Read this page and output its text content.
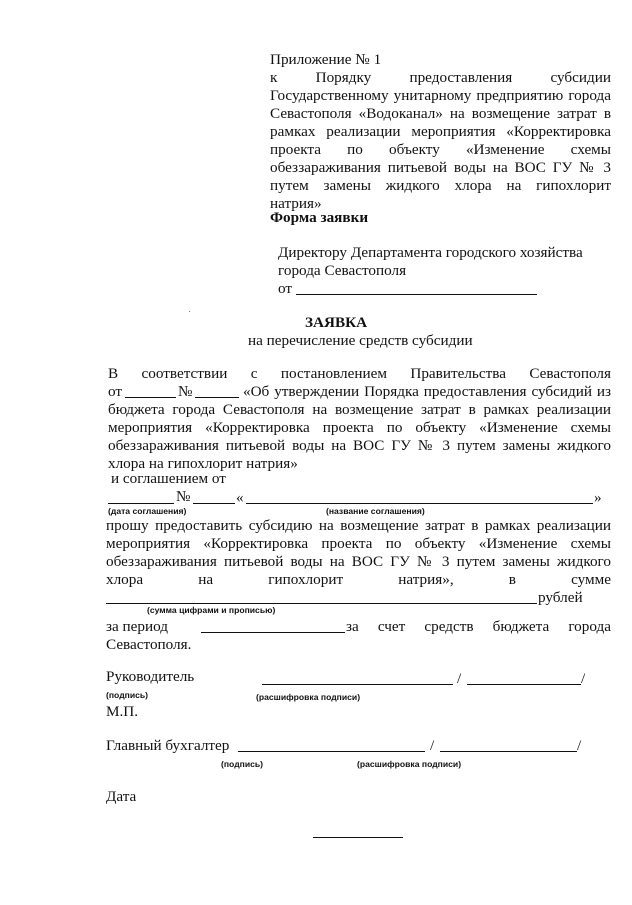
Приложение № 1
к Порядку предоставления субсидии
Государственному унитарному предприятию города
Севастополя «Водоканал» на возмещение затрат в
рамках реализации мероприятия «Корректировка
проекта по объекту «Изменение схемы
обеззараживания питьевой воды на ВОС ГУ № 3
путем замены жидкого хлора на гипохлорит натрия»
Форма заявки
Директору Департамента городского хозяйства
города Севастополя
от
ЗАЯВКА
на перечисление средств субсидии
В соответствии с постановлением Правительства Севастополя
от	№	«Об утверждении Порядка предоставления субсидий из
бюджета города Севастополя на возмещение затрат в рамках реализации
мероприятия «Корректировка проекта по объекту «Изменение схемы
обеззараживания питьевой воды на ВОС ГУ № 3 путем замены жидкого
хлора на гипохлорит натрия»
и соглашением от
№	«	»
(дата соглашения)	(название соглашения)
прошу предоставить субсидию на возмещение затрат в рамках реализации
мероприятия «Корректировка проекта по объекту «Изменение схемы
обеззараживания питьевой воды на ВОС ГУ № 3 путем замены жидкого
хлора на гипохлорит натрия», в сумме
рублей
(сумма цифрами и прописью)
за период	за счет средств бюджета города
Севастополя.
Руководитель	/	/
(подпись)	(расшифровка подписи)
М.П.
Главный бухгалтер	/	/
(подпись)	(расшифровка подписи)
Дата
